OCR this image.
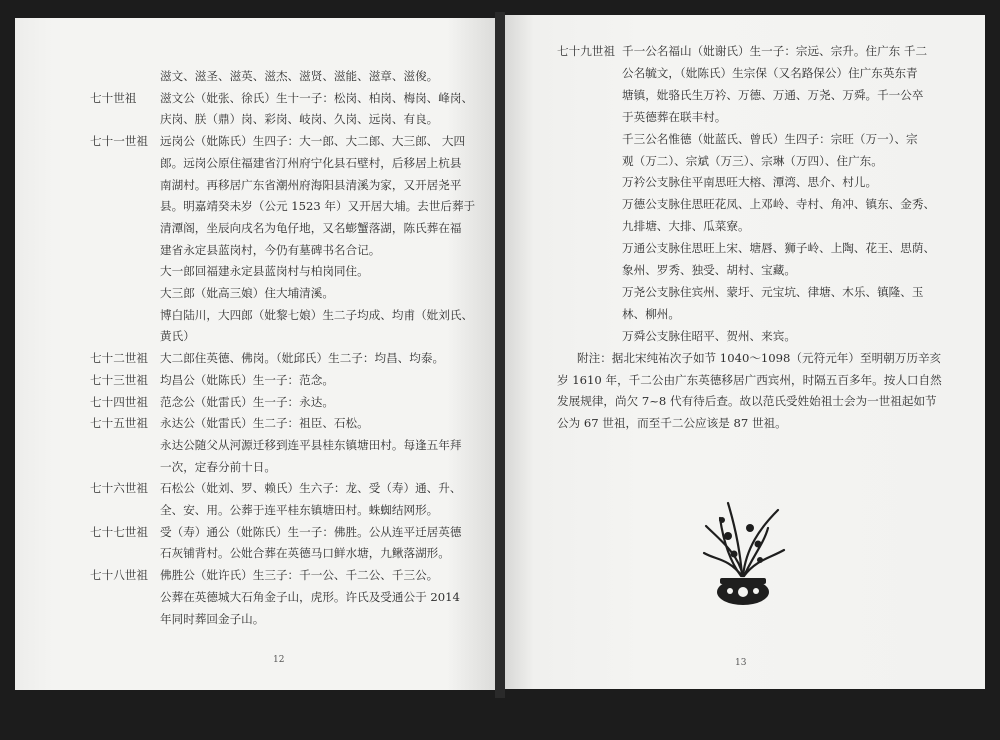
12
滋文、滋圣、滋英、滋杰、滋贤、滋能、滋章、滋俊。
七十世祖 滋文公（妣张、徐氏）生十一子：松岗、柏岗、梅岗、峰岗、
庆岗、朕（鼎）岗、彩岗、岐岗、久岗、远岗、有良。
七十一世祖 远岗公（妣陈氏）生四子：大一郎、大二郎、大三郎、 大四
郎。远岗公原住福建省汀州府宁化县石壁村，后移居上杭县
南湖村。再移居广东省潮州府海阳县清溪为家，又开居尧平
县。明嘉靖癸未岁（公元 1523 年）又开居大埔。去世后葬于
清潭阁，坐辰向戌名为龟仔地，又名蟛蟹落湖，陈氏葬在福
建省永定县蓝岗村，今仍有墓碑书名合记。
大一郎回福建永定县蓝岗村与柏岗同住。
大三郎（妣高三娘）住大埔清溪。
博白陆川，大四郎（妣黎七娘）生二子均成、均甫（妣刘氏、
黄氏）
七十二世祖 大二郎住英德、佛岗。（妣邱氏）生二子：均昌、均泰。
七十三世祖 均昌公（妣陈氏）生一子：范念。
七十四世祖 范念公（妣雷氏）生一子：永达。
七十五世祖 永达公（妣雷氏）生二子：祖臣、石松。
永达公随父从河源迁移到连平县桂东镇塘田村。每逢五年拜
一次，定春分前十日。
七十六世祖 石松公（妣刘、罗、赖氏）生六子：龙、受（寿）通、升、
全、安、用。公葬于连平桂东镇塘田村。蛛蜘结网形。
七十七世祖 受（寿）通公（妣陈氏）生一子：佛胜。公从连平迁居英德
石灰铺背村。公妣合葬在英德马口鲜水塘，九鳅落湖形。
七十八世祖 佛胜公（妣许氏）生三子：千一公、千二公、千三公。
公葬在英德城大石角金子山，虎形。许氏及受通公于 2014
年同时葬回金子山。
13
七十九世祖 千一公名福山（妣谢氏）生一子：宗远、宗升。住广东 千二
公名毓文，（妣陈氏）生宗保（又名路保公）住广东英东青
塘镇，妣骆氏生万衿、万德、万通、万尧、万舜。千一公卒
于英德葬在联丰村。
千三公名惟德（妣蓝氏、曾氏）生四子：宗旺（万一）、宗
观（万二）、宗斌（万三）、宗琳（万四）、住广东。
万衿公支脉住平南思旺大榕、潭湾、思介、村儿。
万德公支脉住思旺花凤、上邓岭、寺村、角冲、镇东、金秀、
九排塘、大排、瓜菜寮。
万通公支脉住思旺上宋、塘唇、狮子岭、上陶、花王、思荫、
象州、罗秀、独受、胡村、宝藏。
万尧公支脉住宾州、蒙圩、元宝坑、律塘、木乐、镇隆、玉
林、柳州。
万舜公支脉住昭平、贺州、来宾。
附注：据北宋纯祐次子如节 1040～1098（元符元年）至明朝万历辛亥
岁 1610 年，千二公由广东英德移居广西宾州，时隔五百多年。按人口自然
发展规律，尚欠 7~8 代有待后查。故以范氏受姓始祖士会为一世祖起如节
公为 67 世祖，而至千二公应该是 87 世祖。
